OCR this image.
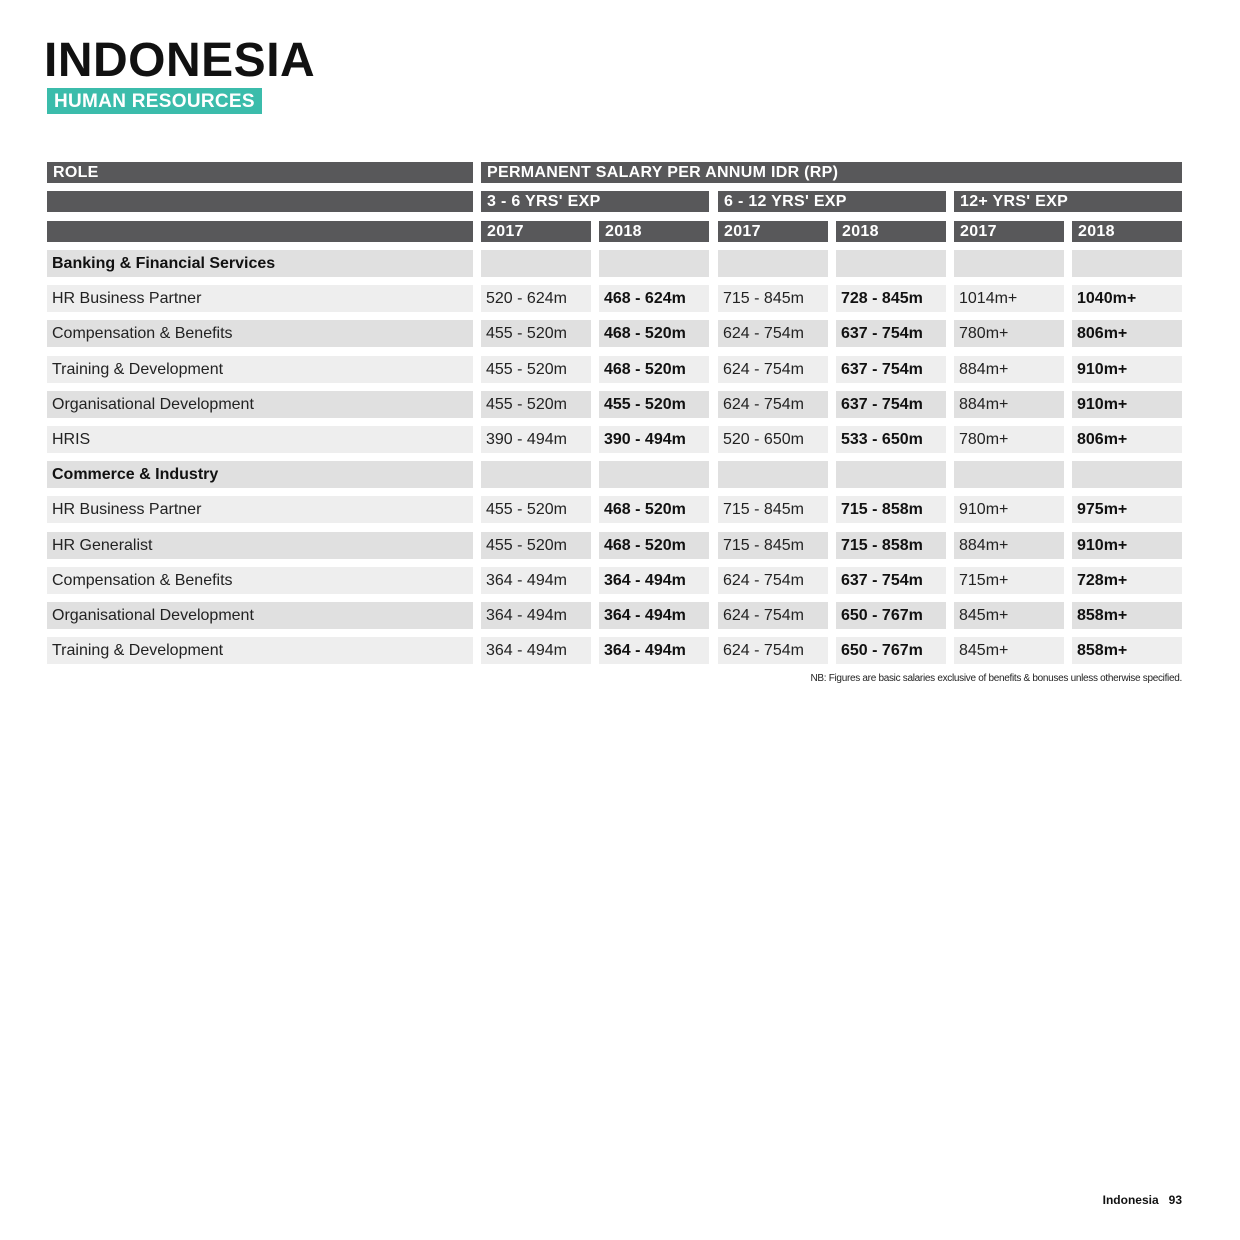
INDONESIA
HUMAN RESOURCES
ROLE	PERMANENT SALARY PER ANNUM IDR (RP)
3 - 6 YRS' EXP	6 - 12 YRS' EXP	12+ YRS' EXP
2017	2018	2017	2018	2017	2018
Banking & Financial Services
HR Business Partner	520 - 624m	468 - 624m	715 - 845m	728 - 845m	1014m+	1040m+
Compensation & Benefits	455 - 520m	468 - 520m	624 - 754m	637 - 754m	780m+	806m+
Training & Development	455 - 520m	468 - 520m	624 - 754m	637 - 754m	884m+	910m+
Organisational Development	455 - 520m	455 - 520m	624 - 754m	637 - 754m	884m+	910m+
HRIS	390 - 494m	390 - 494m	520 - 650m	533 - 650m	780m+	806m+
Commerce & Industry
HR Business Partner	455 - 520m	468 - 520m	715 - 845m	715 - 858m	910m+	975m+
HR Generalist	455 - 520m	468 - 520m	715 - 845m	715 - 858m	884m+	910m+
Compensation & Benefits	364 - 494m	364 - 494m	624 - 754m	637 - 754m	715m+	728m+
Organisational Development	364 - 494m	364 - 494m	624 - 754m	650 - 767m	845m+	858m+
Training & Development	364 - 494m	364 - 494m	624 - 754m	650 - 767m	845m+	858m+
NB: Figures are basic salaries exclusive of benefits & bonuses unless otherwise specified.
Indonesia 93
